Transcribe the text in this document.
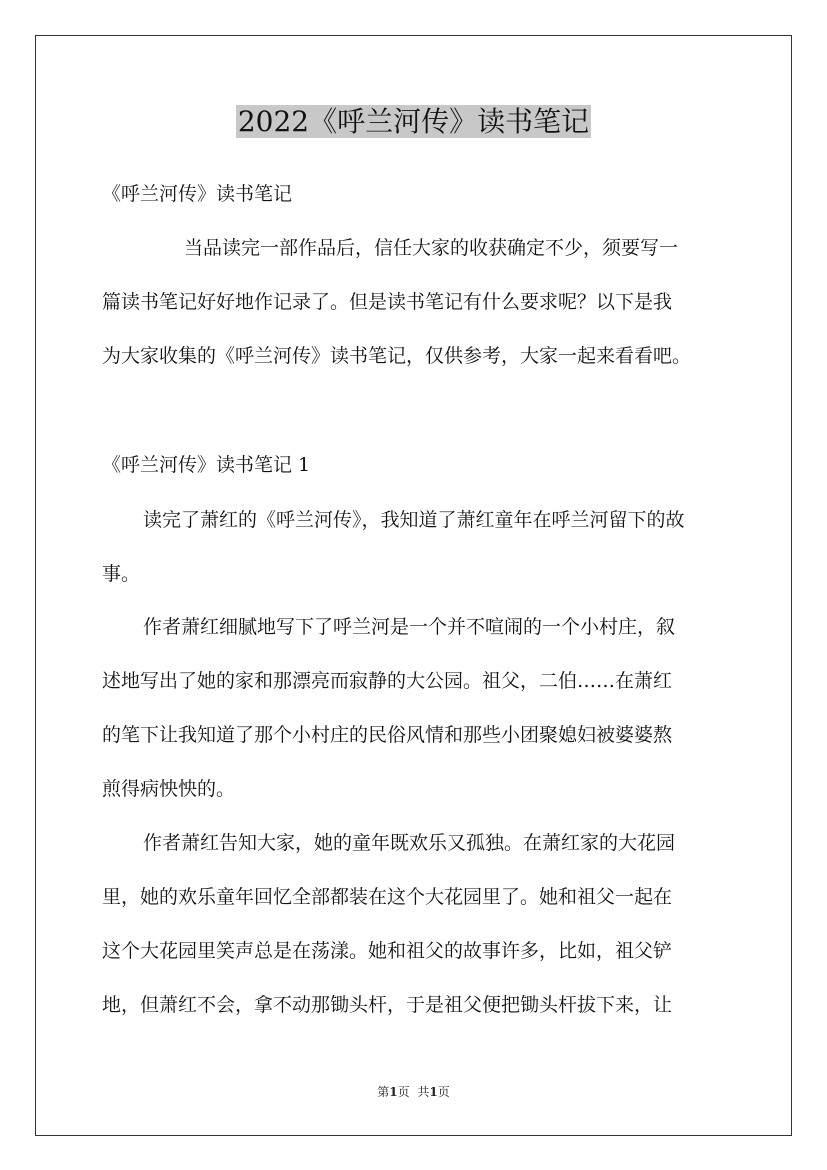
2022《呼兰河传》读书笔记
《呼兰河传》读书笔记
当品读完一部作品后，信任大家的收获确定不少，须要写一
篇读书笔记好好地作记录了。但是读书笔记有什么要求呢？以下是我
为大家收集的《呼兰河传》读书笔记，仅供参考，大家一起来看看吧。
《呼兰河传》读书笔记 1
读完了萧红的《呼兰河传》，我知道了萧红童年在呼兰河留下的故
事。
作者萧红细腻地写下了呼兰河是一个并不喧闹的一个小村庄，叙
述地写出了她的家和那漂亮而寂静的大公园。祖父，二伯……在萧红
的笔下让我知道了那个小村庄的民俗风情和那些小团聚媳妇被婆婆熬
煎得病怏怏的。
作者萧红告知大家，她的童年既欢乐又孤独。在萧红家的大花园
里，她的欢乐童年回忆全部都装在这个大花园里了。她和祖父一起在
这个大花园里笑声总是在荡漾。她和祖父的故事许多，比如，祖父铲
地，但萧红不会，拿不动那锄头杆，于是祖父便把锄头杆拔下来，让
第1页 共1页
